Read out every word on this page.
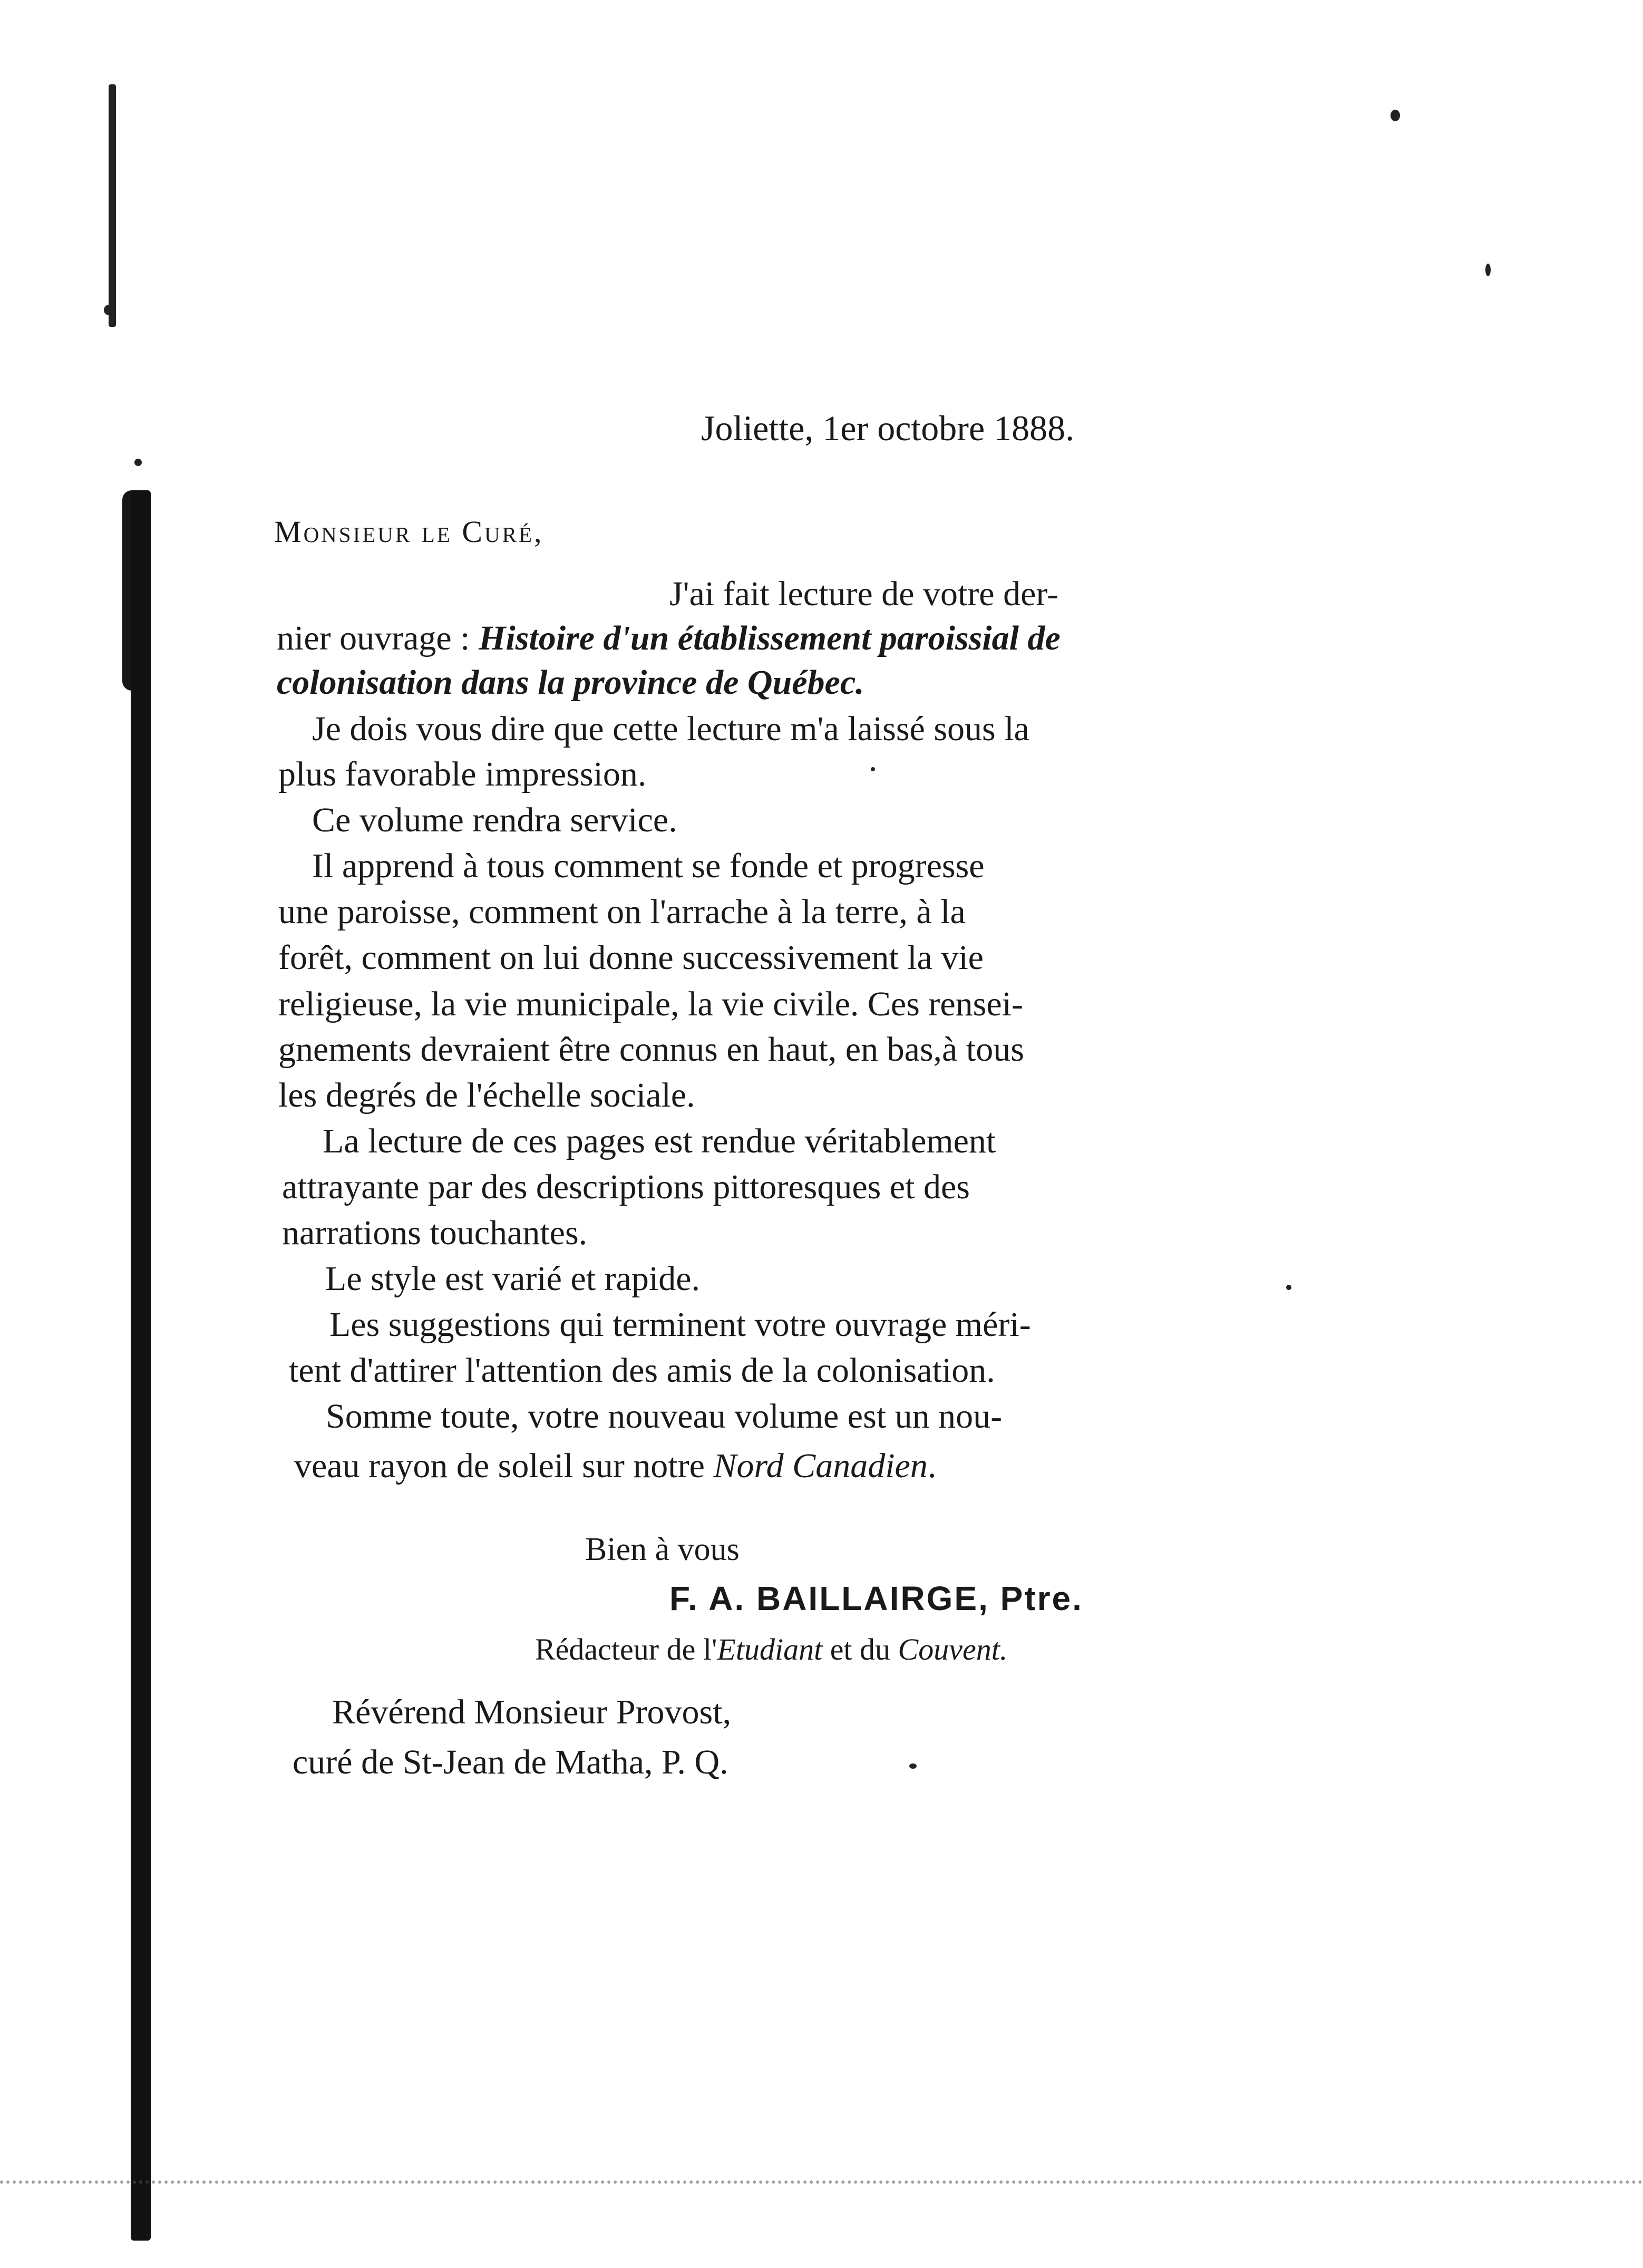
Joliette, 1er octobre 1888.
Monsieur le Curé,
J'ai fait lecture de votre der-
nier ouvrage : Histoire d'un établissement paroissial de
colonisation dans la province de Québec.
Je dois vous dire que cette lecture m'a laissé sous la
plus favorable impression.
Ce volume rendra service.
Il apprend à tous comment se fonde et progresse
une paroisse, comment on l'arrache à la terre, à la
forêt, comment on lui donne successivement la vie
religieuse, la vie municipale, la vie civile. Ces rensei-
gnements devraient être connus en haut, en bas,à tous
les degrés de l'échelle sociale.
La lecture de ces pages est rendue véritablement
attrayante par des descriptions pittoresques et des
narrations touchantes.
Le style est varié et rapide.
Les suggestions qui terminent votre ouvrage méri-
tent d'attirer l'attention des amis de la colonisation.
Somme toute, votre nouveau volume est un nou-
veau rayon de soleil sur notre Nord Canadien.
Bien à vous
F. A. BAILLAIRGE, Ptre.
Rédacteur de l'Etudiant et du Couvent.
Révérend Monsieur Provost,
curé de St-Jean de Matha, P. Q.
